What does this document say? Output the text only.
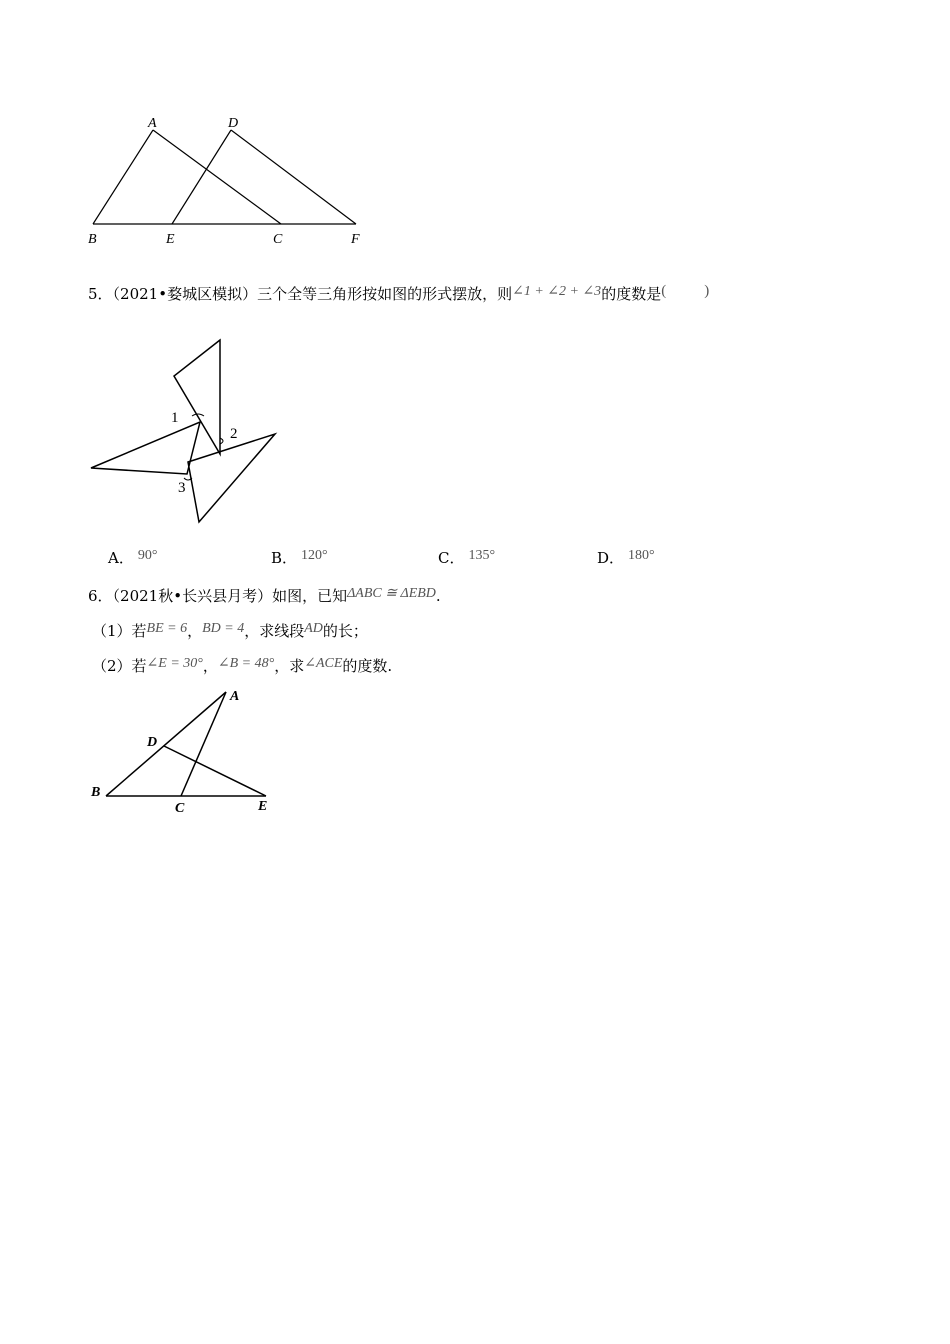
A	D
B	E	C	F
5．（2021•婺城区模拟）三个全等三角形按如图的形式摆放，则∠1 + ∠2 + ∠3的度数是(	)
1
2
3
A． 90°	B． 120°	C． 135°	D． 180°
6．（2021秋•长兴县月考）如图，已知ΔABC ≅ ΔEBD.
（1）若BE = 6，BD = 4，求线段AD的长；
（2）若∠E = 30°，∠B = 48°，求∠ACE的度数.
A
D
B
C	E
